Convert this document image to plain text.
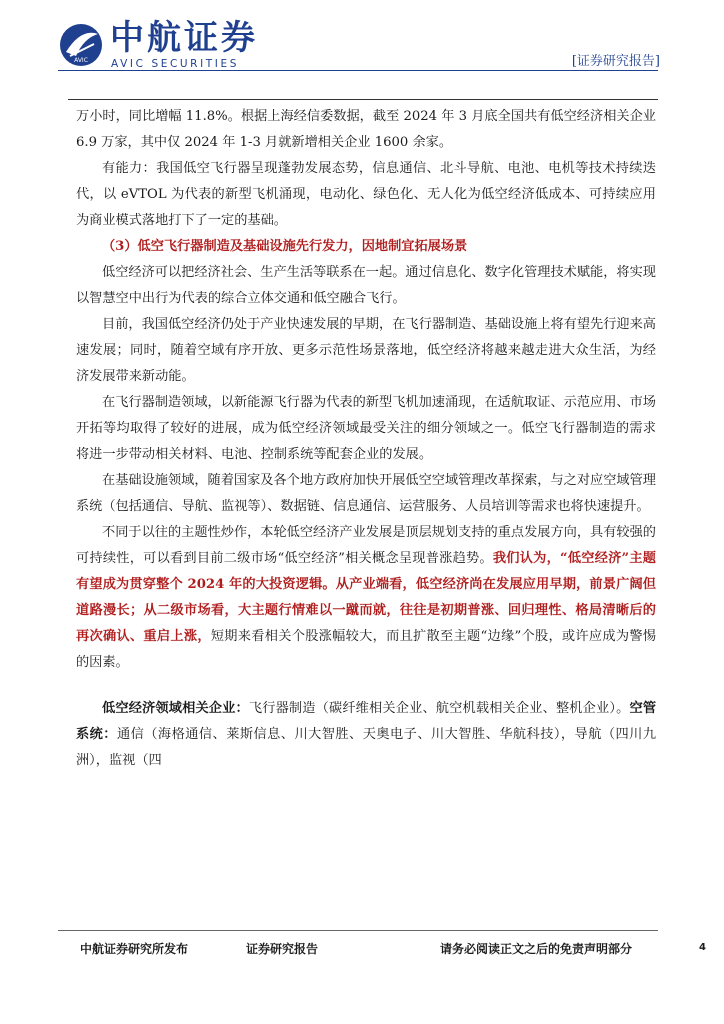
AVIC
中航证券
AVIC SECURITIES	[证券研究报告]

万小时，同比增幅 11.8%。根据上海经信委数据，截至 2024 年 3 月底全国共有低空经济相关企业 6.9 万家，其中仅 2024 年 1-3 月就新增相关企业 1600 余家。

有能力：我国低空飞行器呈现蓬勃发展态势，信息通信、北斗导航、电池、电机等技术持续迭代，以 eVTOL 为代表的新型飞机涌现，电动化、绿色化、无人化为低空经济低成本、可持续应用为商业模式落地打下了一定的基础。

（3）低空飞行器制造及基础设施先行发力，因地制宜拓展场景

低空经济可以把经济社会、生产生活等联系在一起。通过信息化、数字化管理技术赋能，将实现以智慧空中出行为代表的综合立体交通和低空融合飞行。

目前，我国低空经济仍处于产业快速发展的早期，在飞行器制造、基础设施上将有望先行迎来高速发展；同时，随着空域有序开放、更多示范性场景落地，低空经济将越来越走进大众生活，为经济发展带来新动能。

在飞行器制造领域，以新能源飞行器为代表的新型飞机加速涌现，在适航取证、示范应用、市场开拓等均取得了较好的进展，成为低空经济领域最受关注的细分领域之一。低空飞行器制造的需求将进一步带动相关材料、电池、控制系统等配套企业的发展。

在基础设施领域，随着国家及各个地方政府加快开展低空空域管理改革探索，与之对应空域管理系统（包括通信、导航、监视等）、数据链、信息通信、运营服务、人员培训等需求也将快速提升。

不同于以往的主题性炒作，本轮低空经济产业发展是顶层规划支持的重点发展方向，具有较强的可持续性，可以看到目前二级市场“低空经济”相关概念呈现普涨趋势。我们认为，“低空经济”主题有望成为贯穿整个 2024 年的大投资逻辑。从产业端看，低空经济尚在发展应用早期，前景广阔但道路漫长；从二级市场看，大主题行情难以一蹴而就，往往是初期普涨、回归理性、格局清晰后的再次确认、重启上涨，短期来看相关个股涨幅较大，而且扩散至主题“边缘”个股，或许应成为警惕的因素。

低空经济领域相关企业：飞行器制造（碳纤维相关企业、航空机载相关企业、整机企业）。空管系统：通信（海格通信、莱斯信息、川大智胜、天奥电子、川大智胜、华航科技），导航（四川九洲），监视（四

中航证券研究所发布	证券研究报告	请务必阅读正文之后的免责声明部分	4
